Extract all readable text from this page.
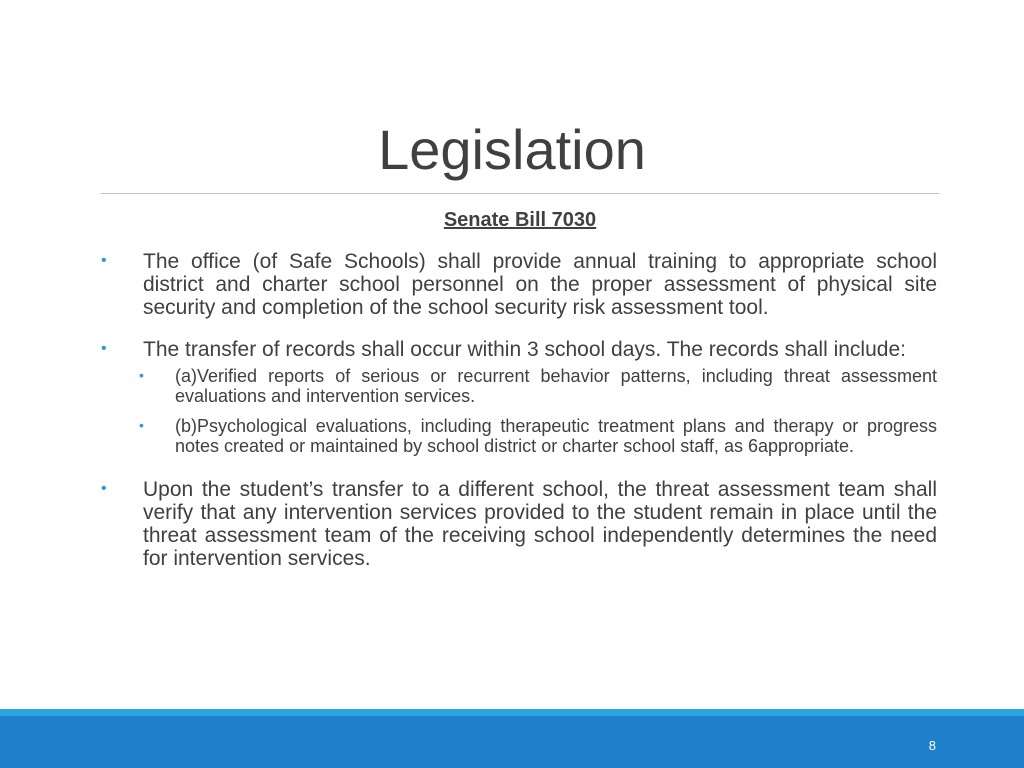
Legislation
Senate Bill 7030
• The office (of Safe Schools) shall provide annual training to appropriate school district and charter school personnel on the proper assessment of physical site security and completion of the school security risk assessment tool.
• The transfer of records shall occur within 3 school days. The records shall include:
• (a)Verified reports of serious or recurrent behavior patterns, including threat assessment evaluations and intervention services.
• (b)Psychological evaluations, including therapeutic treatment plans and therapy or progress notes created or maintained by school district or charter school staff, as 6appropriate.
• Upon the student’s transfer to a different school, the threat assessment team shall verify that any intervention services provided to the student remain in place until the threat assessment team of the receiving school independently determines the need for intervention services.
8
